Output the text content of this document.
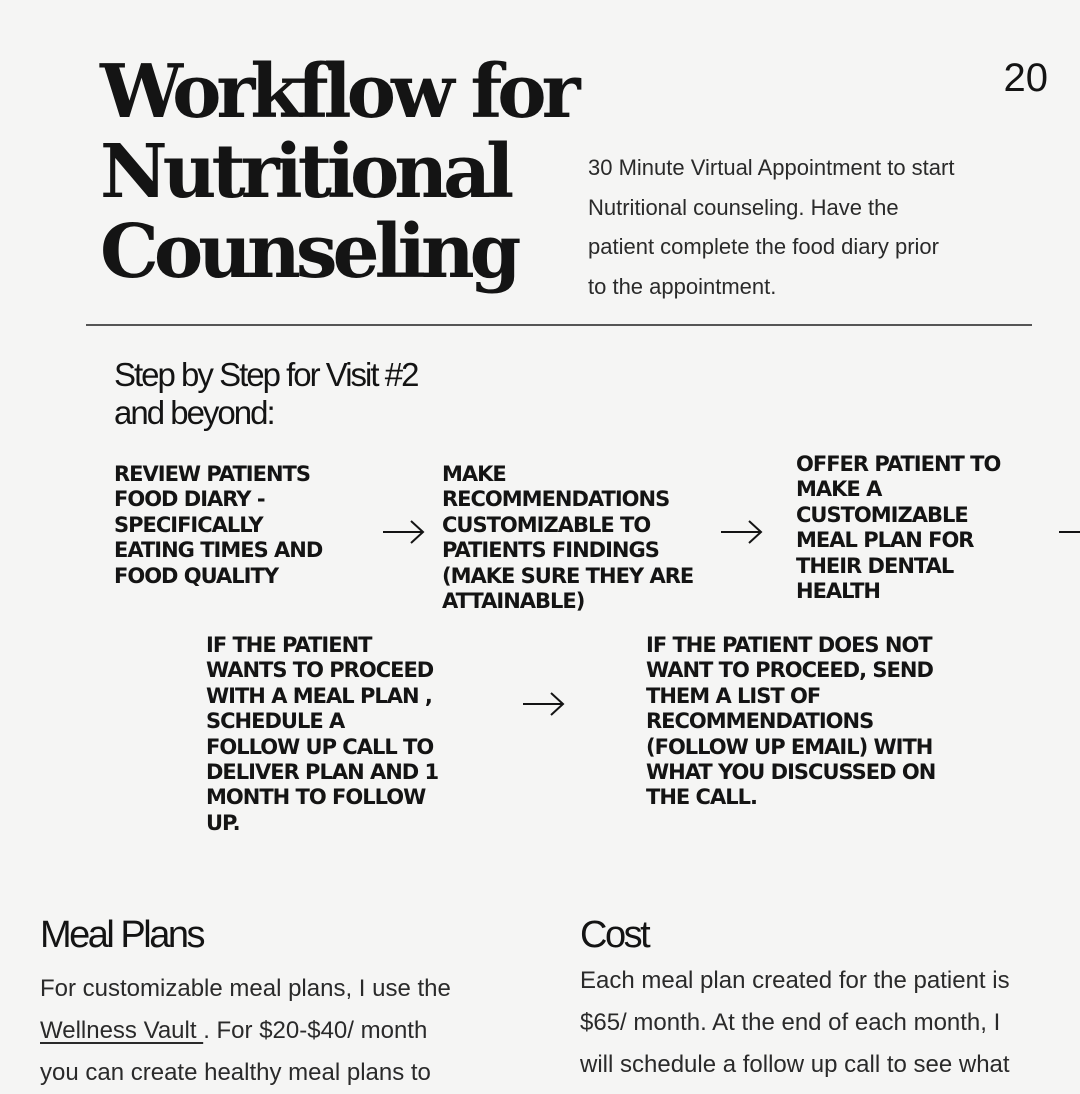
Workflow for
Nutritional
Counseling
20
30 Minute Virtual Appointment to start
Nutritional counseling. Have the
patient complete the food diary prior
to the appointment.
Step by Step for Visit #2
and beyond:

REVIEW PATIENTS
FOOD DIARY -
SPECIFICALLY
EATING TIMES AND
FOOD QUALITY

MAKE
RECOMMENDATIONS
CUSTOMIZABLE TO
PATIENTS FINDINGS
(MAKE SURE THEY ARE
ATTAINABLE)

OFFER PATIENT TO
MAKE A
CUSTOMIZABLE
MEAL PLAN FOR
THEIR DENTAL
HEALTH

IF THE PATIENT
WANTS TO PROCEED
WITH A MEAL PLAN ,
SCHEDULE A
FOLLOW UP CALL TO
DELIVER PLAN AND 1
MONTH TO FOLLOW
UP.

IF THE PATIENT DOES NOT
WANT TO PROCEED, SEND
THEM A LIST OF
RECOMMENDATIONS
(FOLLOW UP EMAIL) WITH
WHAT YOU DISCUSSED ON
THE CALL.

Meal Plans
For customizable meal plans, I use the
Wellness Vault . For $20-$40/ month
you can create healthy meal plans to
Cost
Each meal plan created for the patient is
$65/ month. At the end of each month, I
will schedule a follow up call to see what
